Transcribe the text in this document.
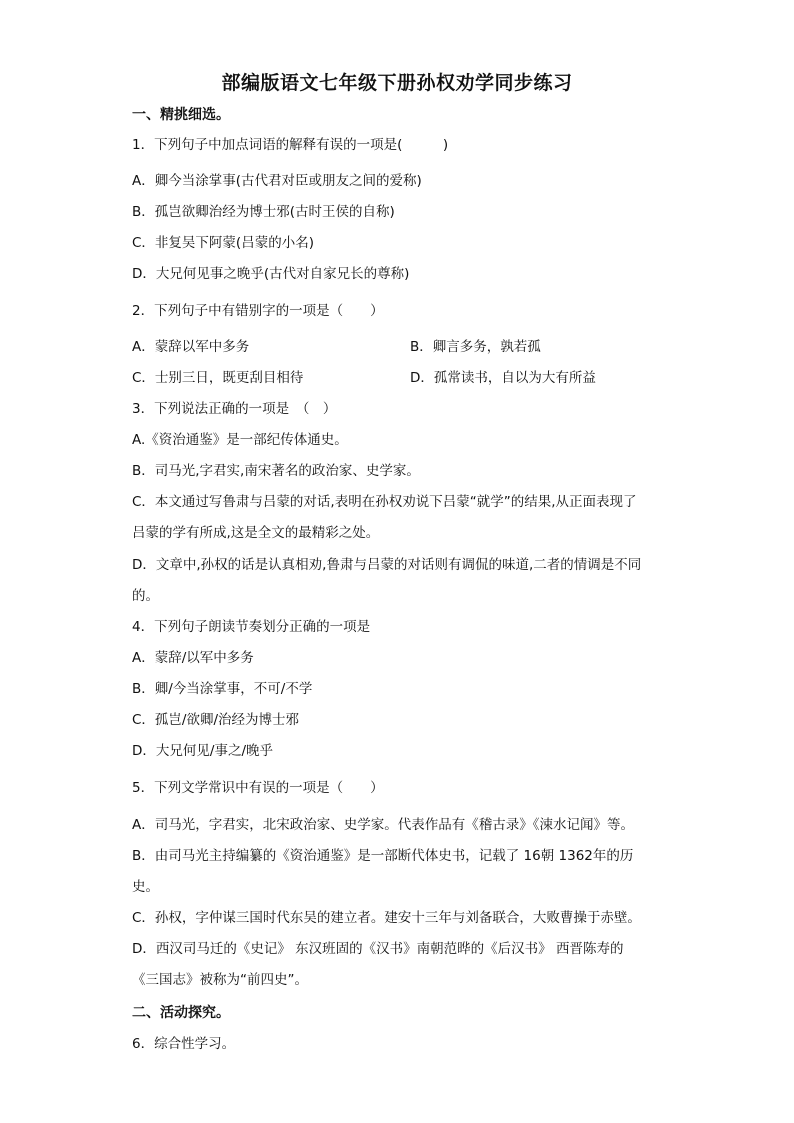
部编版语文七年级下册孙权劝学同步练习
一、精挑细选。
1．下列句子中加点词语的解释有误的一项是(　　　)
A．卿今当涂掌事(古代君对臣或朋友之间的爱称)
B．孤岂欲卿治经为博士邪(古时王侯的自称)
C．非复吴下阿蒙(吕蒙的小名)
D．大兄何见事之晚乎(古代对自家兄长的尊称)
2．下列句子中有错别字的一项是（　　）
A．蒙辞以军中多务	B．卿言多务，孰若孤
C．士别三日，既更刮目相待	D．孤常读书，自以为大有所益
3．下列说法正确的一项是　（　）
A.《资治通鉴》是一部纪传体通史。
B．司马光,字君实,南宋著名的政治家、史学家。
C．本文通过写鲁肃与吕蒙的对话,表明在孙权劝说下吕蒙“就学”的结果,从正面表现了
吕蒙的学有所成,这是全文的最精彩之处。
D．文章中,孙权的话是认真相劝,鲁肃与吕蒙的对话则有调侃的味道,二者的情调是不同
的。
4．下列句子朗读节奏划分正确的一项是
A．蒙辞/以军中多务
B．卿/今当涂掌事，不可/不学
C．孤岂/欲卿/治经为博士邪
D．大兄何见/事之/晚乎
5．下列文学常识中有误的一项是（　　）
A．司马光，字君实，北宋政治家、史学家。代表作品有《稽古录》《涑水记闻》等。
B．由司马光主持编纂的《资治通鉴》是一部断代体史书，记载了 16朝 1362年的历
史。
C．孙权，字仲谋三国时代东吴的建立者。建安十三年与刘备联合，大败曹操于赤壁。
D．西汉司马迁的《史记》 东汉班固的《汉书》南朝范晔的《后汉书》 西晋陈寿的
《三国志》被称为“前四史”。
二、活动探究。
6．综合性学习。
